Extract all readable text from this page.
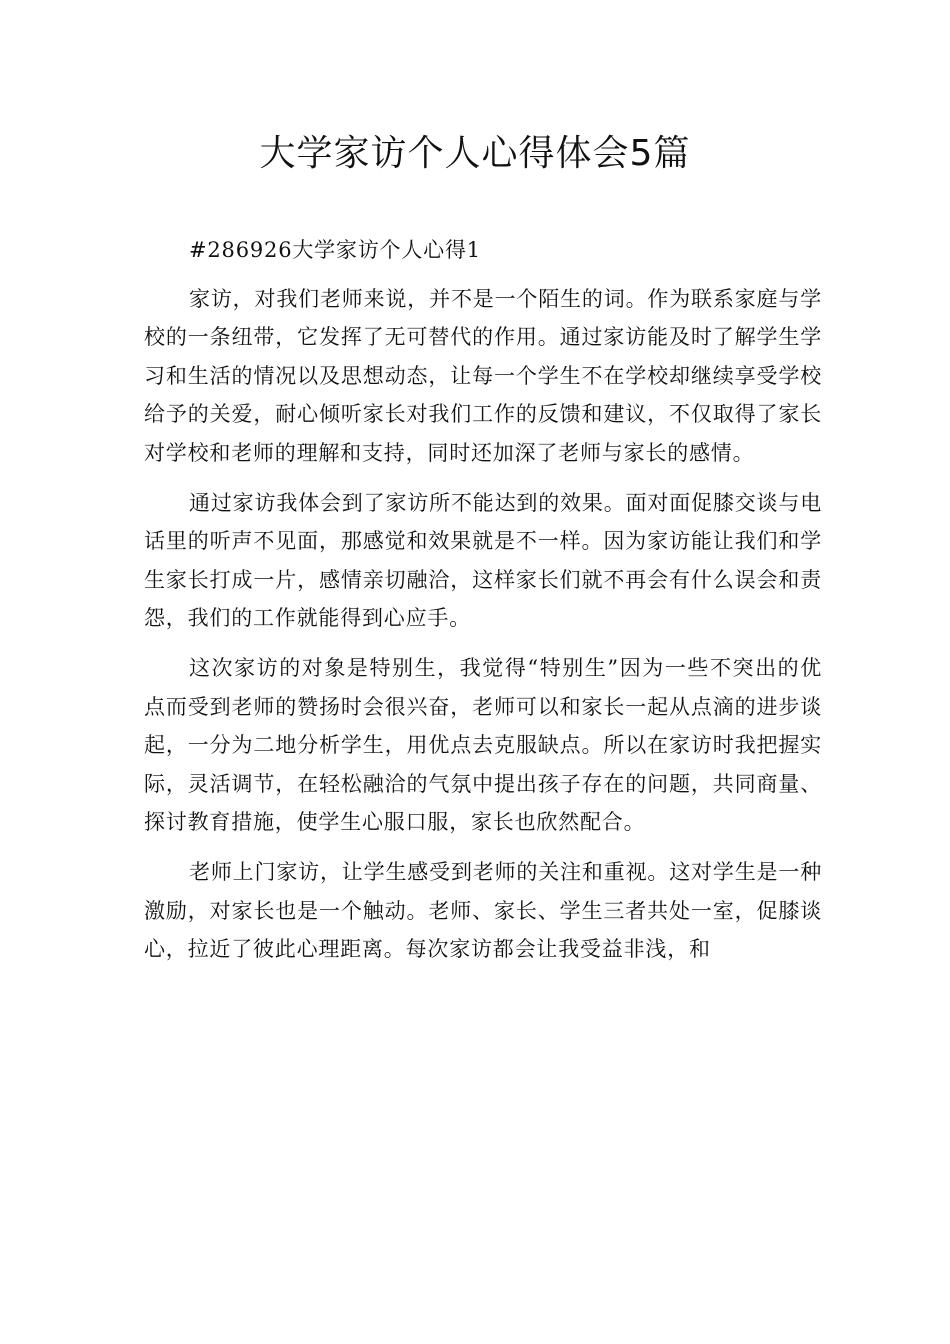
大学家访个人心得体会5篇

#286926大学家访个人心得1

家访，对我们老师来说，并不是一个陌生的词。作为联系家庭与学校的一条纽带，它发挥了无可替代的作用。通过家访能及时了解学生学习和生活的情况以及思想动态，让每一个学生不在学校却继续享受学校给予的关爱，耐心倾听家长对我们工作的反馈和建议，不仅取得了家长对学校和老师的理解和支持，同时还加深了老师与家长的感情。

通过家访我体会到了家访所不能达到的效果。面对面促膝交谈与电话里的听声不见面，那感觉和效果就是不一样。因为家访能让我们和学生家长打成一片，感情亲切融洽，这样家长们就不再会有什么误会和责怨，我们的工作就能得到心应手。

这次家访的对象是特别生，我觉得“特别生”因为一些不突出的优点而受到老师的赞扬时会很兴奋，老师可以和家长一起从点滴的进步谈起，一分为二地分析学生，用优点去克服缺点。所以在家访时我把握实际，灵活调节，在轻松融洽的气氛中提出孩子存在的问题，共同商量、探讨教育措施，使学生心服口服，家长也欣然配合。

老师上门家访，让学生感受到老师的关注和重视。这对学生是一种激励，对家长也是一个触动。老师、家长、学生三者共处一室，促膝谈心，拉近了彼此心理距离。每次家访都会让我受益非浅，和
